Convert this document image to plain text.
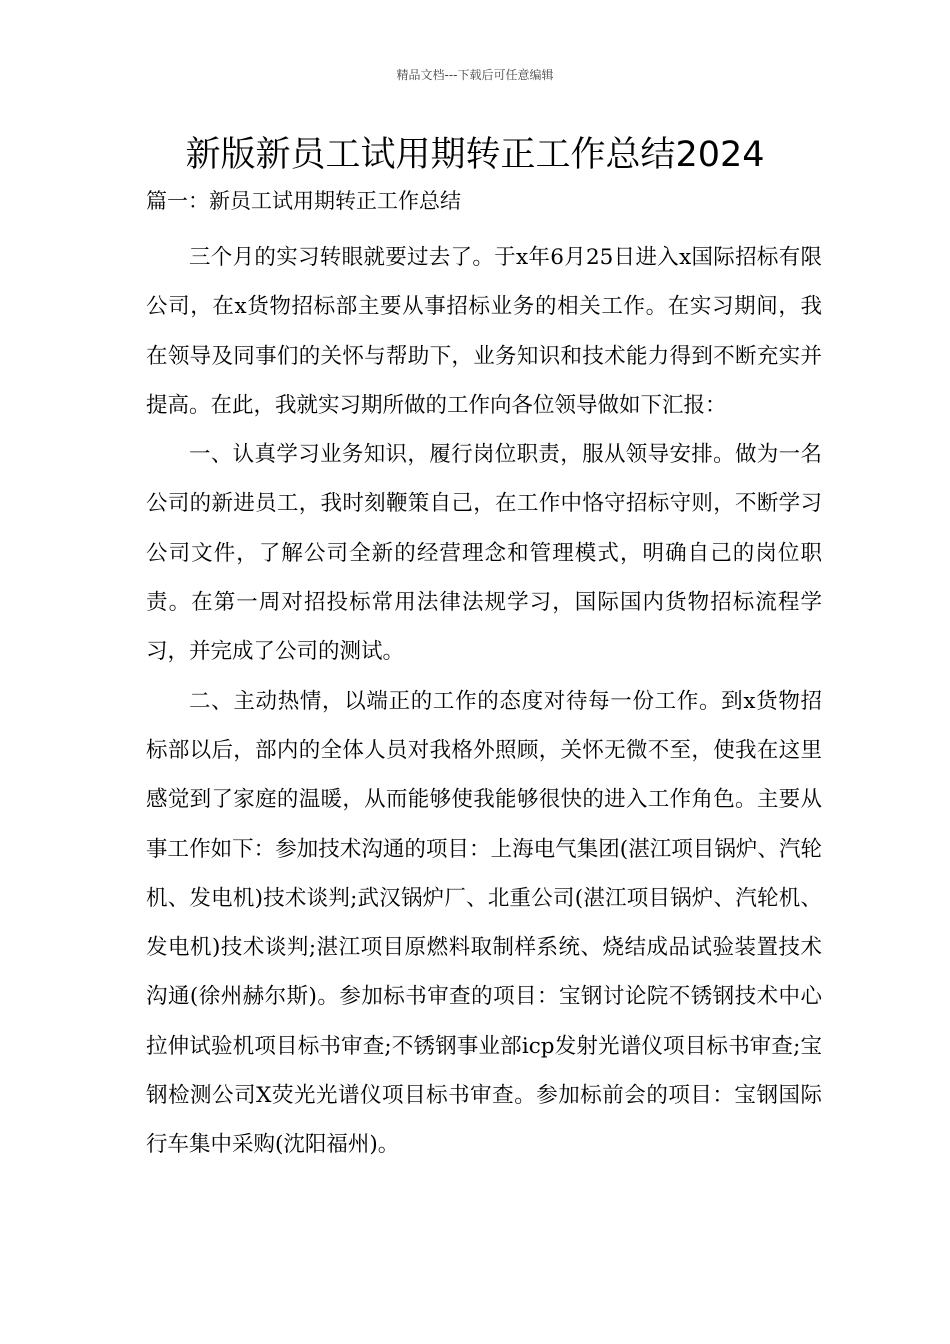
精品文档---下载后可任意编辑
新版新员工试用期转正工作总结2024
篇一：新员工试用期转正工作总结

三个月的实习转眼就要过去了。于x年6月25日进入x国际招标有限公司，在x货物招标部主要从事招标业务的相关工作。在实习期间，我在领导及同事们的关怀与帮助下，业务知识和技术能力得到不断充实并提高。在此，我就实习期所做的工作向各位领导做如下汇报：

一、认真学习业务知识，履行岗位职责，服从领导安排。做为一名公司的新进员工，我时刻鞭策自己，在工作中恪守招标守则，不断学习公司文件，了解公司全新的经营理念和管理模式，明确自己的岗位职责。在第一周对招投标常用法律法规学习，国际国内货物招标流程学习，并完成了公司的测试。

二、主动热情，以端正的工作的态度对待每一份工作。到x货物招标部以后，部内的全体人员对我格外照顾，关怀无微不至，使我在这里感觉到了家庭的温暖，从而能够使我能够很快的进入工作角色。主要从事工作如下：参加技术沟通的项目：上海电气集团(湛江项目锅炉、汽轮机、发电机)技术谈判;武汉锅炉厂、北重公司(湛江项目锅炉、汽轮机、发电机)技术谈判;湛江项目原燃料取制样系统、烧结成品试验装置技术沟通(徐州赫尔斯)。参加标书审查的项目：宝钢讨论院不锈钢技术中心拉伸试验机项目标书审查;不锈钢事业部icp发射光谱仪项目标书审查;宝钢检测公司X荧光光谱仪项目标书审查。参加标前会的项目：宝钢国际行车集中采购(沈阳福州)。
